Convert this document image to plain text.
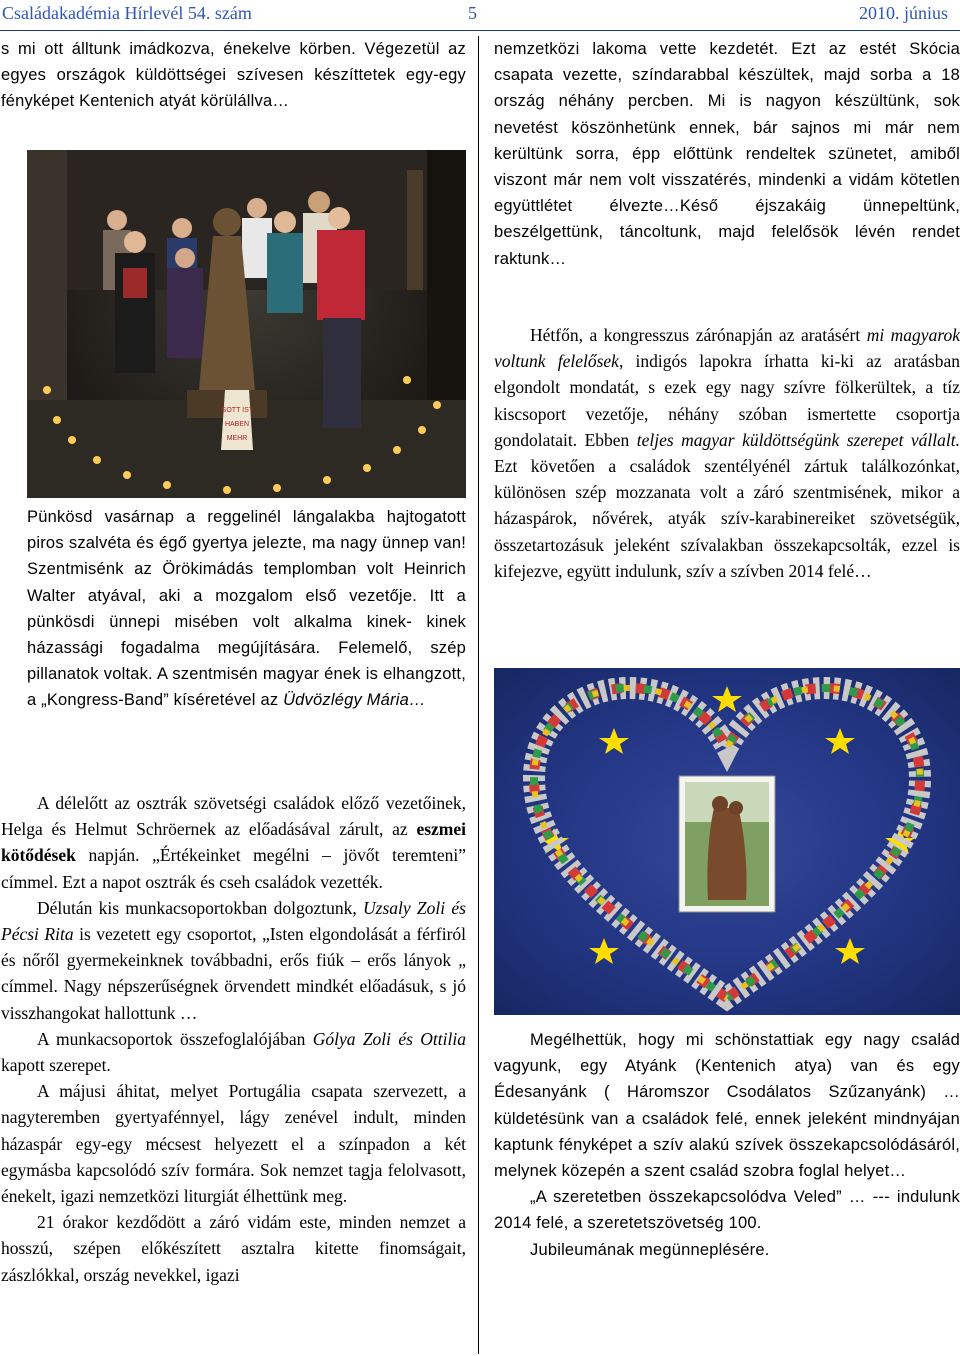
Családakadémia Hírlevél 54. szám	5	2010. június

s mi ott álltunk imádkozva, énekelve körben. Végezetül az egyes országok küldöttségei szívesen készíttetek egy-egy fényképet Kentenich atyát körülállva…

GOTT IST
HABEN
MEHR

Pünkösd vasárnap a reggelinél lángalakba hajtogatott piros szalvéta és égő gyertya jelezte, ma nagy ünnep van! Szentmisénk az Örökimádás templomban volt Heinrich Walter atyával, aki a mozgalom első vezetője. Itt a pünkösdi ünnepi misében volt alkalma kinek- kinek házassági fogadalma megújítására. Felemelő, szép pillanatok voltak. A szentmisén magyar ének is elhangzott, a „Kongress-Band” kíséretével az Üdvözlégy Mária…

A délelőtt az osztrák szövetségi családok előző vezetőinek, Helga és Helmut Schröernek az előadásával zárult, az eszmei kötődések napján. „Értékeinket megélni – jövőt teremteni” címmel. Ezt a napot osztrák és cseh családok vezették.

Délután kis munkacsoportokban dolgoztunk, Uzsaly Zoli és Pécsi Rita is vezetett egy csoportot, „Isten elgondolását a férfiról és nőről gyermekeinknek továbbadni, erős fiúk – erős lányok „ címmel. Nagy népszerűségnek örvendett mindkét előadásuk, s jó visszhangokat hallottunk …

A munkacsoportok összefoglalójában Gólya Zoli és Ottilia kapott szerepet.

A májusi áhitat, melyet Portugália csapata szervezett, a nagyteremben gyertyafénnyel, lágy zenével indult, minden házaspár egy-egy mécsest helyezett el a színpadon a két egymásba kapcsolódó szív formára. Sok nemzet tagja felolvasott, énekelt, igazi nemzetközi liturgiát élhettünk meg.

21 órakor kezdődött a záró vidám este, minden nemzet a hosszú, szépen előkészített asztalra kitette finomságait, zászlókkal, ország nevekkel, igazi

nemzetközi lakoma vette kezdetét. Ezt az estét Skócia csapata vezette, színdarabbal készültek, majd sorba a 18 ország néhány percben. Mi is nagyon készültünk, sok nevetést köszönhetünk ennek, bár sajnos mi már nem kerültünk sorra, épp előttünk rendeltek szünetet, amiből viszont már nem volt visszatérés, mindenki a vidám kötetlen együttlétet élvezte…Késő éjszakáig ünnepeltünk, beszélgettünk, táncoltunk, majd felelősök lévén rendet raktunk…

Hétfőn, a kongresszus zárónapján az aratásért mi magyarok voltunk felelősek, indigós lapokra írhatta ki-ki az aratásban elgondolt mondatát, s ezek egy nagy szívre fölkerültek, a tíz kiscsoport vezetője, néhány szóban ismertette csoportja gondolatait. Ebben teljes magyar küldöttségünk szerepet vállalt. Ezt követően a családok szentélyénél zártuk találkozónkat, különösen szép mozzanata volt a záró szentmisének, mikor a házaspárok, nővérek, atyák szív-karabinereiket szövetségük, összetartozásuk jeleként szívalakban összekapcsolták, ezzel is kifejezve, együtt indulunk, szív a szívben 2014 felé…

Megélhettük, hogy mi schönstattiak egy nagy család vagyunk, egy Atyánk (Kentenich atya) van és egy Édesanyánk ( Háromszor Csodálatos Szűzanyánk) …küldetésünk van a családok felé, ennek jeleként mindnyájan kaptunk fényképet a szív alakú szívek összekapcsolódásáról, melynek közepén a szent család szobra foglal helyet…

„A szeretetben összekapcsolódva Veled” … --- indulunk 2014 felé, a szeretetszövetség 100.

Jubileumának megünneplésére.
